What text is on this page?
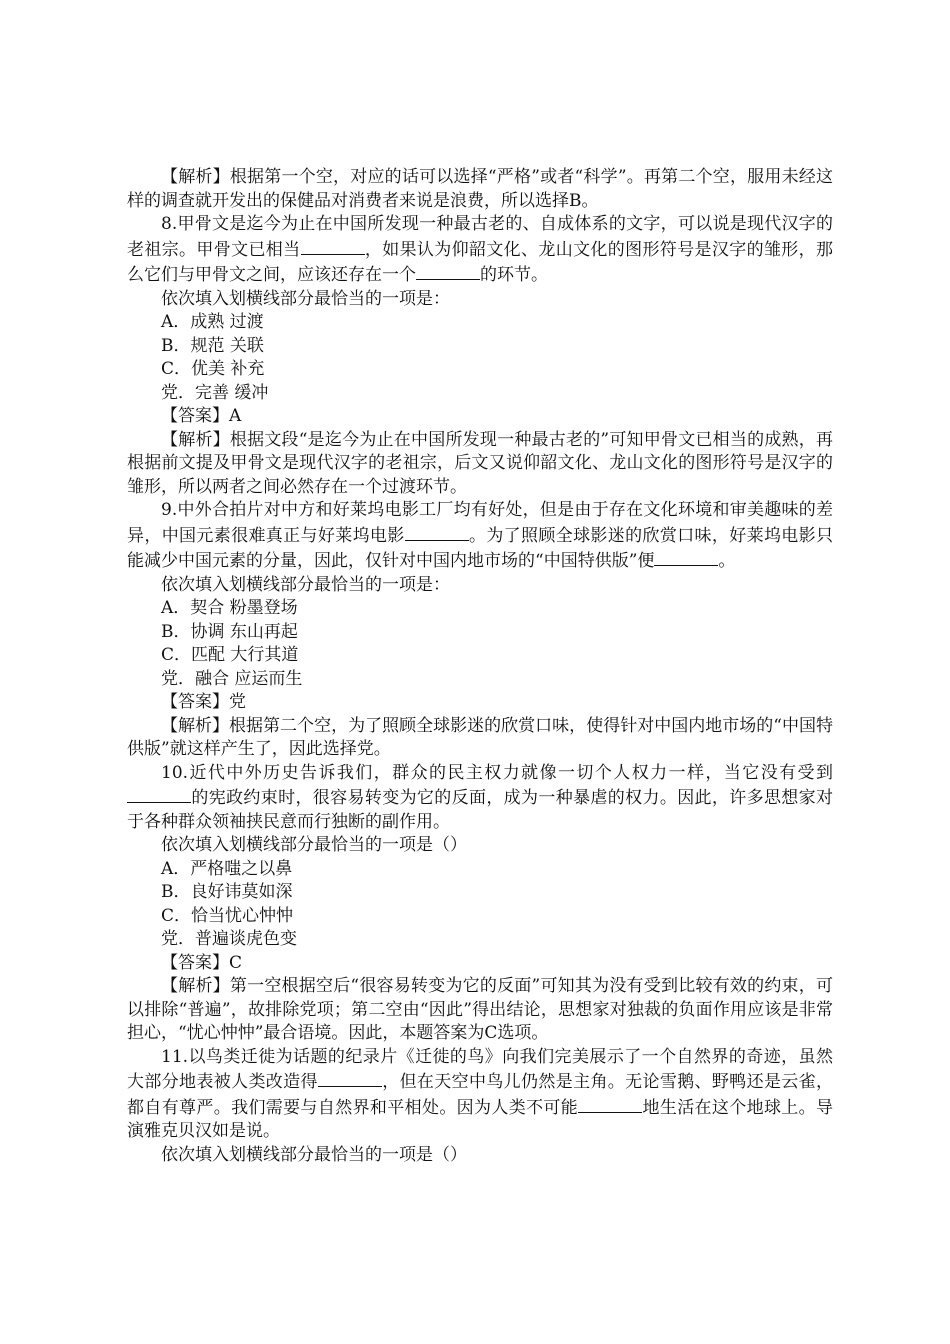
【解析】根据第一个空，对应的话可以选择“严格”或者“科学”。再第二个空，服用未经这样的调查就开发出的保健品对消费者来说是浪费，所以选择B。

8.甲骨文是迄今为止在中国所发现一种最古老的、自成体系的文字，可以说是现代汉字的老祖宗。甲骨文已相当	，如果认为仰韶文化、龙山文化的图形符号是汉字的雏形，那么它们与甲骨文之间，应该还存在一个	的环节。

依次填入划横线部分最恰当的一项是：

A．成熟 过渡

B．规范 关联

C．优美 补充

党．完善 缓冲

【答案】A

【解析】根据文段“是迄今为止在中国所发现一种最古老的”可知甲骨文已相当的成熟，再根据前文提及甲骨文是现代汉字的老祖宗，后文又说仰韶文化、龙山文化的图形符号是汉字的雏形，所以两者之间必然存在一个过渡环节。

9.中外合拍片对中方和好莱坞电影工厂均有好处，但是由于存在文化环境和审美趣味的差异，中国元素很难真正与好莱坞电影	。为了照顾全球影迷的欣赏口味，好莱坞电影只能减少中国元素的分量，因此，仅针对中国内地市场的“中国特供版”便	。

依次填入划横线部分最恰当的一项是：

A．契合 粉墨登场

B．协调 东山再起

C．匹配 大行其道

党．融合 应运而生

【答案】党

【解析】根据第二个空，为了照顾全球影迷的欣赏口味，使得针对中国内地市场的“中国特供版”就这样产生了，因此选择党。

10.近代中外历史告诉我们，群众的民主权力就像一切个人权力一样，当它没有受到的宪政约束时，很容易转变为它的反面，成为一种暴虐的权力。因此，许多思想家对于各种群众领袖挟民意而行独断的副作用。

依次填入划横线部分最恰当的一项是（）

A．严格嗤之以鼻

B．良好讳莫如深

C．恰当忧心忡忡

党．普遍谈虎色变

【答案】C

【解析】第一空根据空后“很容易转变为它的反面”可知其为没有受到比较有效的约束，可以排除“普遍”，故排除党项；第二空由“因此”得出结论，思想家对独裁的负面作用应该是非常担心，“忧心忡忡”最合语境。因此，本题答案为C选项。

11.以鸟类迁徙为话题的纪录片《迁徙的鸟》向我们完美展示了一个自然界的奇迹，虽然大部分地表被人类改造得	，但在天空中鸟儿仍然是主角。无论雪鹅、野鸭还是云雀，都自有尊严。我们需要与自然界和平相处。因为人类不可能	地生活在这个地球上。导演雅克贝汉如是说。

依次填入划横线部分最恰当的一项是（）
